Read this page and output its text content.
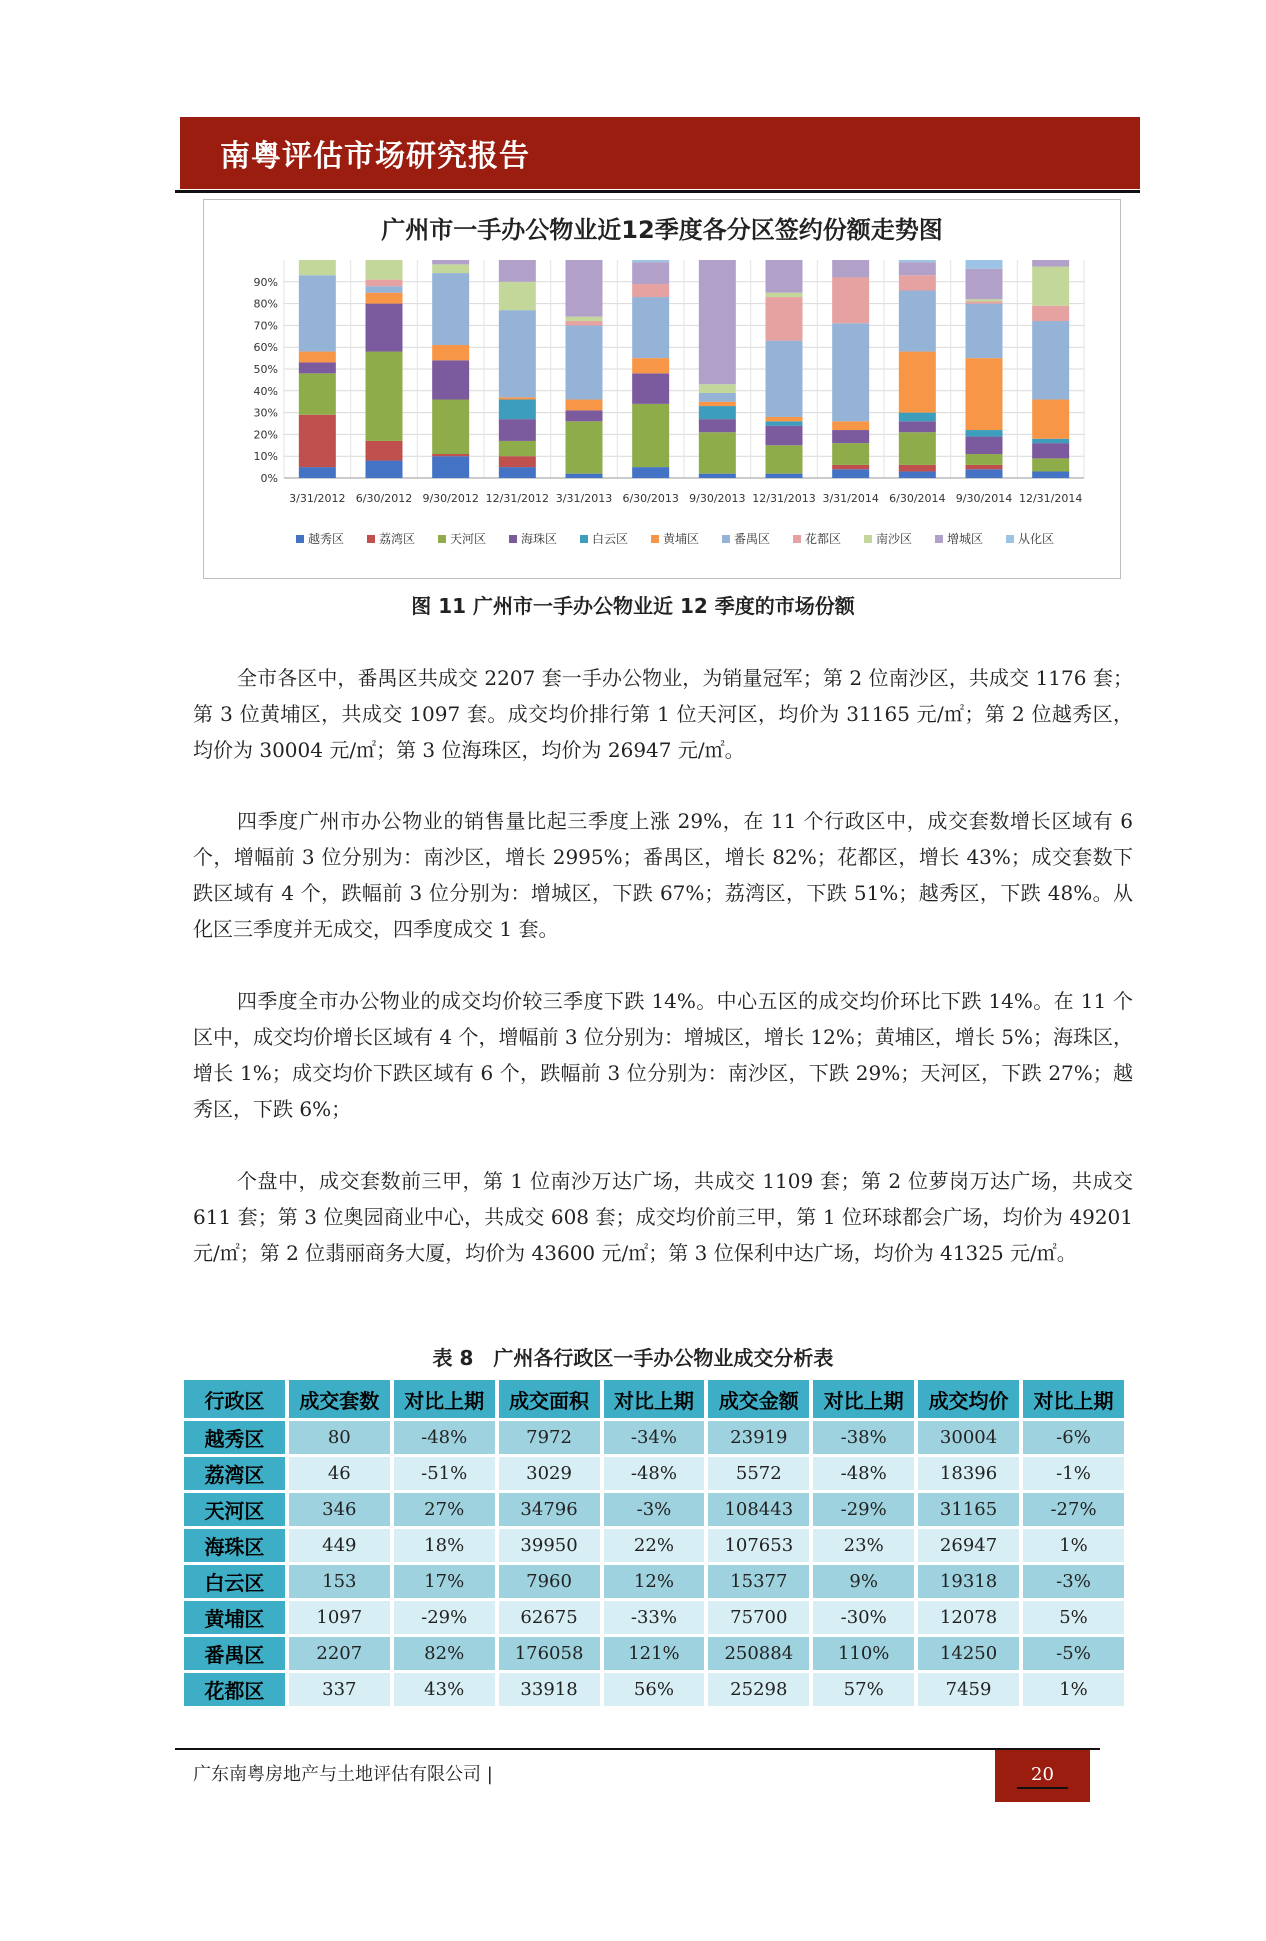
南粤评估市场研究报告
广州市一手办公物业近12季度各分区签约份额走势图
0%
10%
20%
30%
40%
50%
60%
70%
80%
90%
3/31/2012 6/30/2012 9/30/2012 12/31/2012 3/31/2013 6/30/2013 9/30/2013 12/31/2013 3/31/2014 6/30/2014 9/30/2014 12/31/2014
越秀区	荔湾区	天河区	海珠区	白云区	黄埔区	番禺区	花都区	南沙区	增城区	从化区
图 11 广州市一手办公物业近 12 季度的市场份额

全市各区中，番禺区共成交 2207 套一手办公物业，为销量冠军；第 2 位南沙区，共成交 1176 套；第 3 位黄埔区，共成交 1097 套。成交均价排行第 1 位天河区，均价为 31165 元/㎡；第 2 位越秀区，均价为 30004 元/㎡；第 3 位海珠区，均价为 26947 元/㎡。

四季度广州市办公物业的销售量比起三季度上涨 29%，在 11 个行政区中，成交套数增长区域有 6 个，增幅前 3 位分别为：南沙区，增长 2995%；番禺区，增长 82%；花都区，增长 43%；成交套数下跌区域有 4 个，跌幅前 3 位分别为：增城区，下跌 67%；荔湾区，下跌 51%；越秀区，下跌 48%。从化区三季度并无成交，四季度成交 1 套。

四季度全市办公物业的成交均价较三季度下跌 14%。中心五区的成交均价环比下跌 14%。在 11 个区中，成交均价增长区域有 4 个，增幅前 3 位分别为：增城区，增长 12%；黄埔区，增长 5%；海珠区，增长 1%；成交均价下跌区域有 6 个，跌幅前 3 位分别为：南沙区，下跌 29%；天河区，下跌 27%；越秀区，下跌 6%；

个盘中，成交套数前三甲，第 1 位南沙万达广场，共成交 1109 套；第 2 位萝岗万达广场，共成交 611 套；第 3 位奥园商业中心，共成交 608 套；成交均价前三甲，第 1 位环球都会广场，均价为 49201 元/㎡；第 2 位翡丽商务大厦，均价为 43600 元/㎡；第 3 位保利中达广场，均价为 41325 元/㎡。

表 8　广州各行政区一手办公物业成交分析表
行政区	成交套数	对比上期	成交面积	对比上期	成交金额	对比上期	成交均价	对比上期
越秀区	80	-48%	7972	-34%	23919	-38%	30004	-6%
荔湾区	46	-51%	3029	-48%	5572	-48%	18396	-1%
天河区	346	27%	34796	-3%	108443	-29%	31165	-27%
海珠区	449	18%	39950	22%	107653	23%	26947	1%
白云区	153	17%	7960	12%	15377	9%	19318	-3%
黄埔区	1097	-29%	62675	-33%	75700	-30%	12078	5%
番禺区	2207	82%	176058	121%	250884	110%	14250	-5%
花都区	337	43%	33918	56%	25298	57%	7459	1%
广东南粤房地产与土地评估有限公司 |	20
